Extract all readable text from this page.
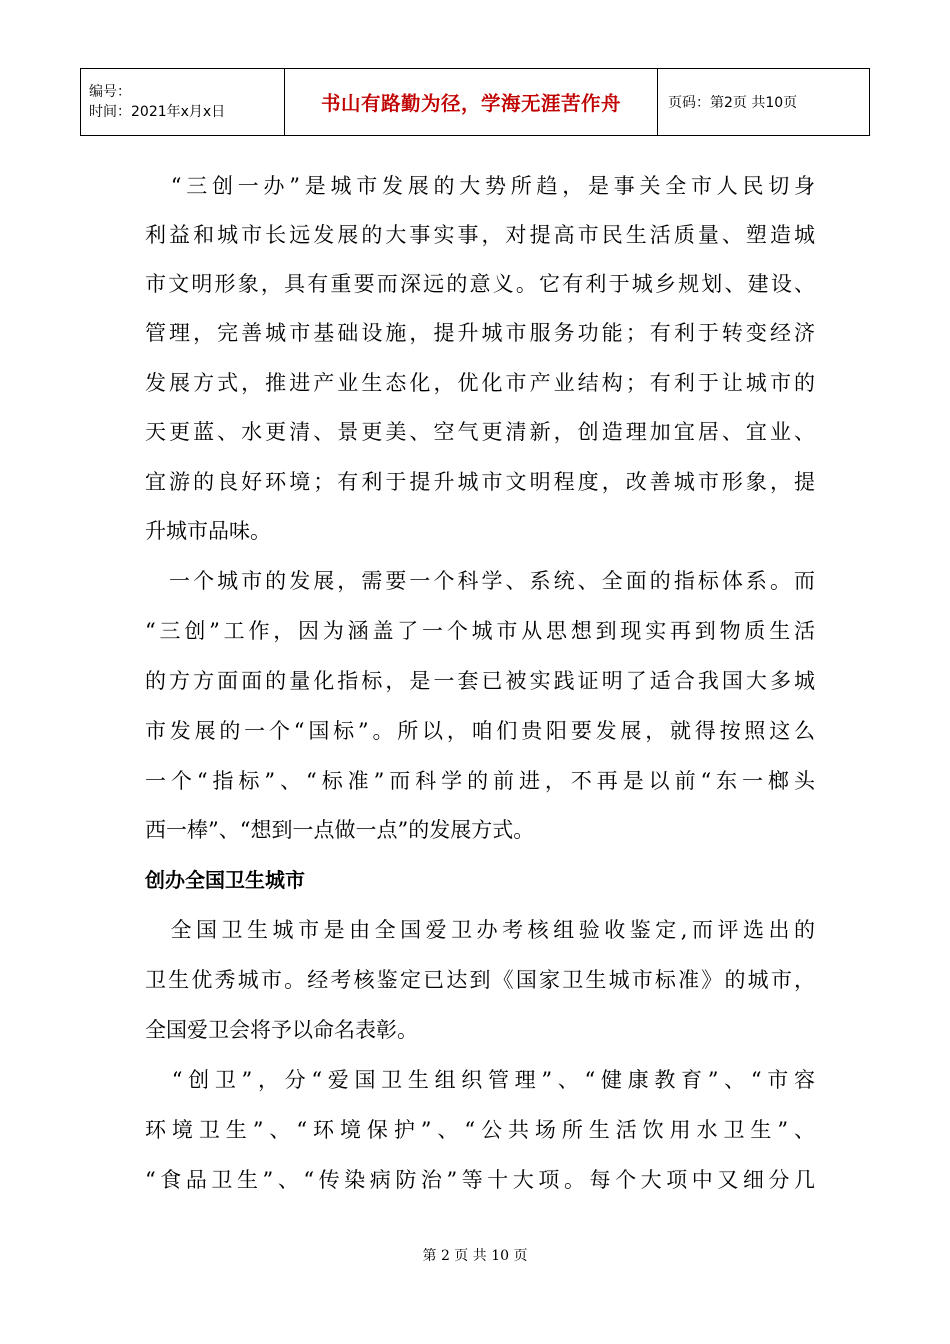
编号：
时间：2021年x月x日	书山有路勤为径，学海无涯苦作舟	页码：第2页 共10页

　“三创一办”是城市发展的大势所趋，是事关全市人民切身

利益和城市长远发展的大事实事，对提高市民生活质量、塑造城

市文明形象，具有重要而深远的意义。它有利于城乡规划、建设、

管理，完善城市基础设施，提升城市服务功能；有利于转变经济

发展方式，推进产业生态化，优化市产业结构；有利于让城市的

天更蓝、水更清、景更美、空气更清新，创造理加宜居、宜业、

宜游的良好环境；有利于提升城市文明程度，改善城市形象，提

升城市品味。

　一个城市的发展，需要一个科学、系统、全面的指标体系。而

“三创”工作，因为涵盖了一个城市从思想到现实再到物质生活

的方方面面的量化指标，是一套已被实践证明了适合我国大多城

市发展的一个“国标”。所以，咱们贵阳要发展，就得按照这么

一个“指标”、“标准”而科学的前进，不再是以前“东一榔头

西一棒”、“想到一点做一点”的发展方式。

创办全国卫生城市

　全国卫生城市是由全国爱卫办考核组验收鉴定,而评选出的

卫生优秀城市。经考核鉴定已达到《国家卫生城市标准》的城市，

全国爱卫会将予以命名表彰。

　“创卫”，分“爱国卫生组织管理”、“健康教育”、“市容

环境卫生”、“环境保护”、“公共场所生活饮用水卫生”、

“食品卫生”、“传染病防治”等十大项。每个大项中又细分几

第 2 页 共 10 页
